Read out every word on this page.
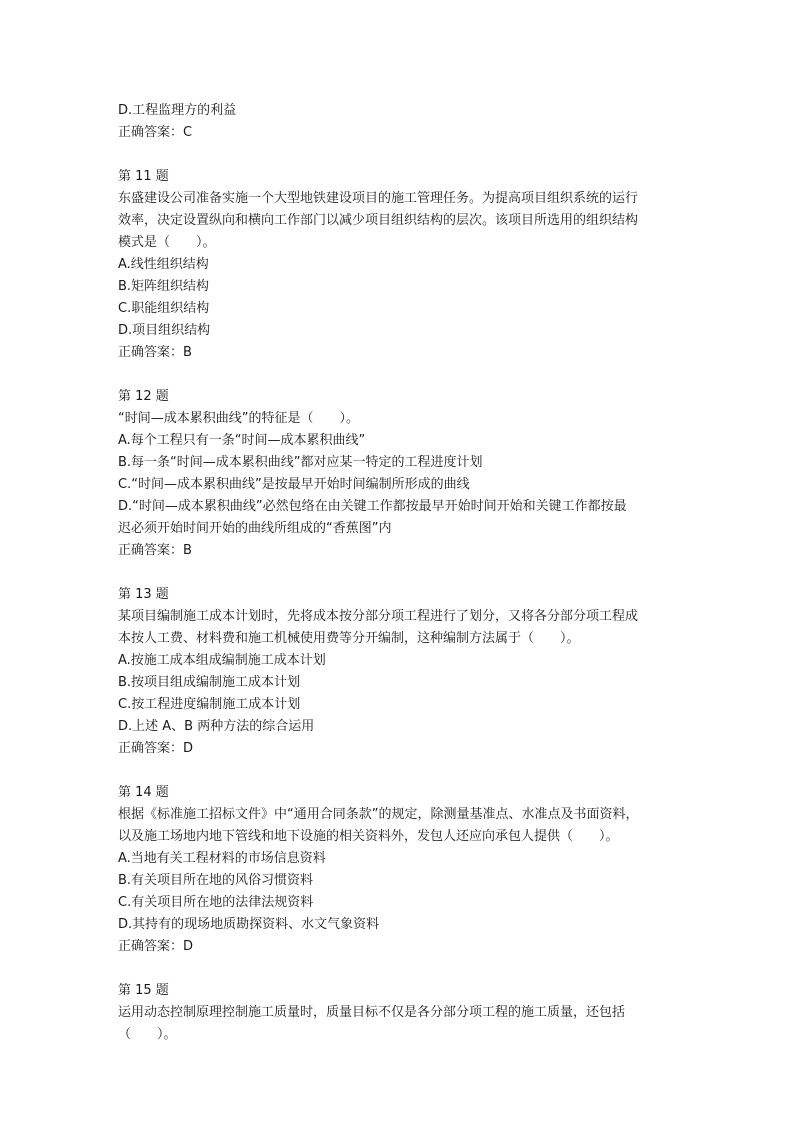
D.工程监理方的利益
正确答案：C
第 11 题
东盛建设公司准备实施一个大型地铁建设项目的施工管理任务。为提高项目组织系统的运行
效率，决定设置纵向和横向工作部门以减少项目组织结构的层次。该项目所选用的组织结构
模式是（　　）。
A.线性组织结构
B.矩阵组织结构
C.职能组织结构
D.项目组织结构
正确答案：B
第 12 题
“时间—成本累积曲线”的特征是（　　）。
A.每个工程只有一条“时间—成本累积曲线”
B.每一条“时间—成本累积曲线”都对应某一特定的工程进度计划
C.“时间—成本累积曲线”是按最早开始时间编制所形成的曲线
D.“时间—成本累积曲线”必然包络在由关键工作都按最早开始时间开始和关键工作都按最
迟必须开始时间开始的曲线所组成的“香蕉图”内
正确答案：B
第 13 题
某项目编制施工成本计划时，先将成本按分部分项工程进行了划分，又将各分部分项工程成
本按人工费、材料费和施工机械使用费等分开编制，这种编制方法属于（　　）。
A.按施工成本组成编制施工成本计划
B.按项目组成编制施工成本计划
C.按工程进度编制施工成本计划
D.上述 A、B 两种方法的综合运用
正确答案：D
第 14 题
根据《标准施工招标文件》中“通用合同条款”的规定，除测量基准点、水准点及书面资料，
以及施工场地内地下管线和地下设施的相关资料外，发包人还应向承包人提供（　　）。
A.当地有关工程材料的市场信息资料
B.有关项目所在地的风俗习惯资料
C.有关项目所在地的法律法规资料
D.其持有的现场地质勘探资料、水文气象资料
正确答案：D
第 15 题
运用动态控制原理控制施工质量时，质量目标不仅是各分部分项工程的施工质量，还包括
（　　）。
